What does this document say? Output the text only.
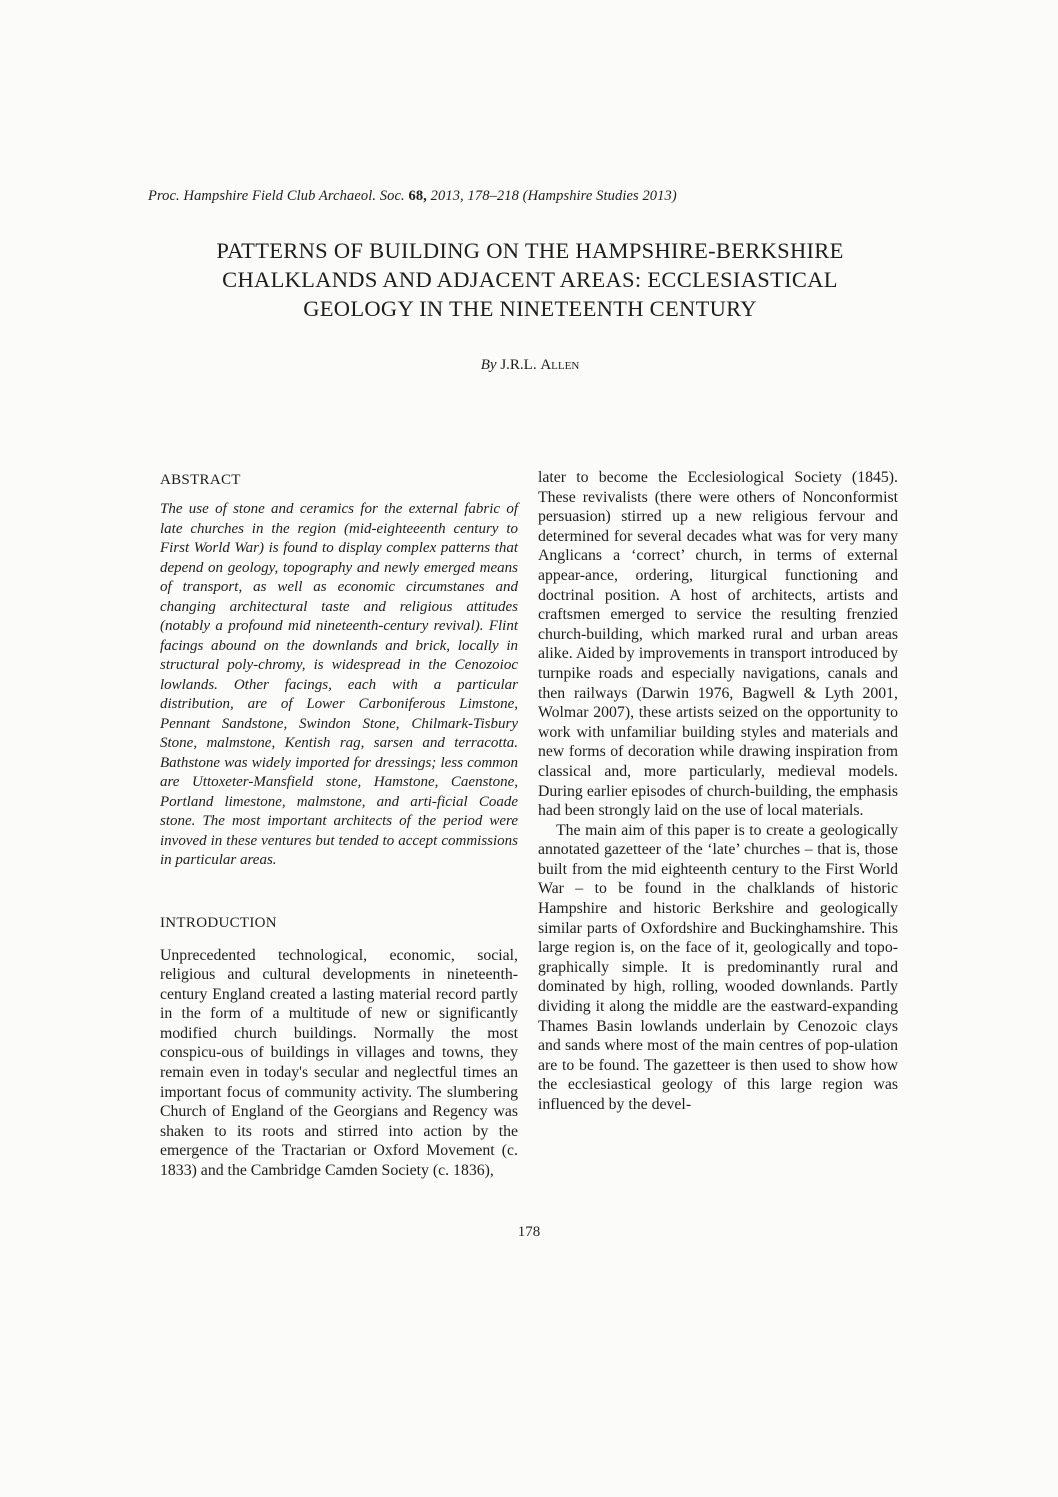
Proc. Hampshire Field Club Archaeol. Soc. 68, 2013, 178–218 (Hampshire Studies 2013)
PATTERNS OF BUILDING ON THE HAMPSHIRE-BERKSHIRE
CHALKLANDS AND ADJACENT AREAS: ECCLESIASTICAL
GEOLOGY IN THE NINETEENTH CENTURY
By J.R.L. Allen
ABSTRACT

The use of stone and ceramics for the external fabric of late churches in the region (mid-eighteeenth century to First World War) is found to display complex patterns that depend on geology, topography and newly emerged means of transport, as well as economic circumstanes and changing architectural taste and religious attitudes (notably a profound mid nineteenth-century revival). Flint facings abound on the downlands and brick, locally in structural poly-chromy, is widespread in the Cenozoioc lowlands. Other facings, each with a particular distribution, are of Lower Carboniferous Limstone, Pennant Sandstone, Swindon Stone, Chilmark-Tisbury Stone, malmstone, Kentish rag, sarsen and terracotta. Bathstone was widely imported for dressings; less common are Uttoxeter-Mansfield stone, Hamstone, Caenstone, Portland limestone, malmstone, and arti-ficial Coade stone. The most important architects of the period were invoved in these ventures but tended to accept commissions in particular areas.

INTRODUCTION

Unprecedented technological, economic, social, religious and cultural developments in nineteenth-century England created a lasting material record partly in the form of a multitude of new or significantly modified church buildings. Normally the most conspicu-ous of buildings in villages and towns, they remain even in today's secular and neglectful times an important focus of community activity. The slumbering Church of England of the Georgians and Regency was shaken to its roots and stirred into action by the emergence of the Tractarian or Oxford Movement (c. 1833) and the Cambridge Camden Society (c. 1836),

later to become the Ecclesiological Society (1845). These revivalists (there were others of Nonconformist persuasion) stirred up a new religious fervour and determined for several decades what was for very many Anglicans a ‘correct’ church, in terms of external appear-ance, ordering, liturgical functioning and doctrinal position. A host of architects, artists and craftsmen emerged to service the resulting frenzied church-building, which marked rural and urban areas alike. Aided by improvements in transport introduced by turnpike roads and especially navigations, canals and then railways (Darwin 1976, Bagwell & Lyth 2001, Wolmar 2007), these artists seized on the opportunity to work with unfamiliar building styles and materials and new forms of decoration while drawing inspiration from classical and, more particularly, medieval models. During earlier episodes of church-building, the emphasis had been strongly laid on the use of local materials.

The main aim of this paper is to create a geologically annotated gazetteer of the ‘late’ churches – that is, those built from the mid eighteenth century to the First World War – to be found in the chalklands of historic Hampshire and historic Berkshire and geologically similar parts of Oxfordshire and Buckinghamshire. This large region is, on the face of it, geologically and topo-graphically simple. It is predominantly rural and dominated by high, rolling, wooded downlands. Partly dividing it along the middle are the eastward-expanding Thames Basin lowlands underlain by Cenozoic clays and sands where most of the main centres of pop-ulation are to be found. The gazetteer is then used to show how the ecclesiastical geology of this large region was influenced by the devel-

178
